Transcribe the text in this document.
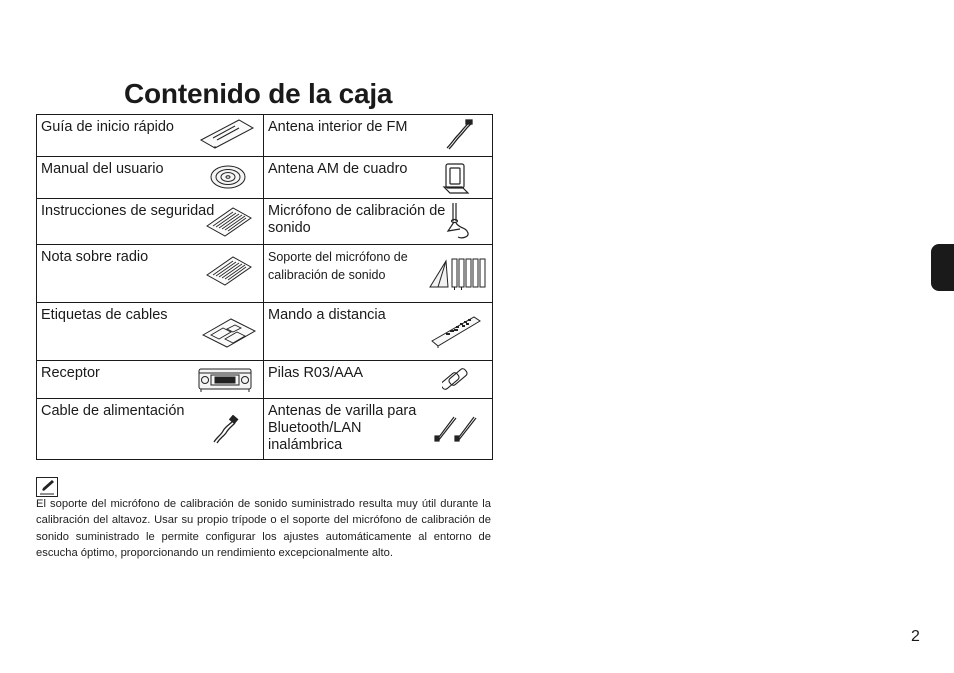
Contenido de la caja
Guía de inicio rápido	Antena interior de FM

Manual del usuario	Antena AM de cuadro

Instrucciones de seguridad	Micrófono de calibración de sonido

Nota sobre radio	Soporte del micrófono de calibración de sonido

Etiquetas de cables	Mando a distancia

Receptor	Pilas R03/AAA

Cable de alimentación	Antenas de varilla para Bluetooth/LAN inalámbrica

El soporte del micrófono de calibración de sonido suministrado resulta muy útil durante la calibración del altavoz. Usar su propio trípode o el soporte del micrófono de calibración de sonido suministrado le permite configurar los ajustes automáticamente al entorno de escucha óptimo, proporcionando un rendimiento excepcionalmente alto.

2
